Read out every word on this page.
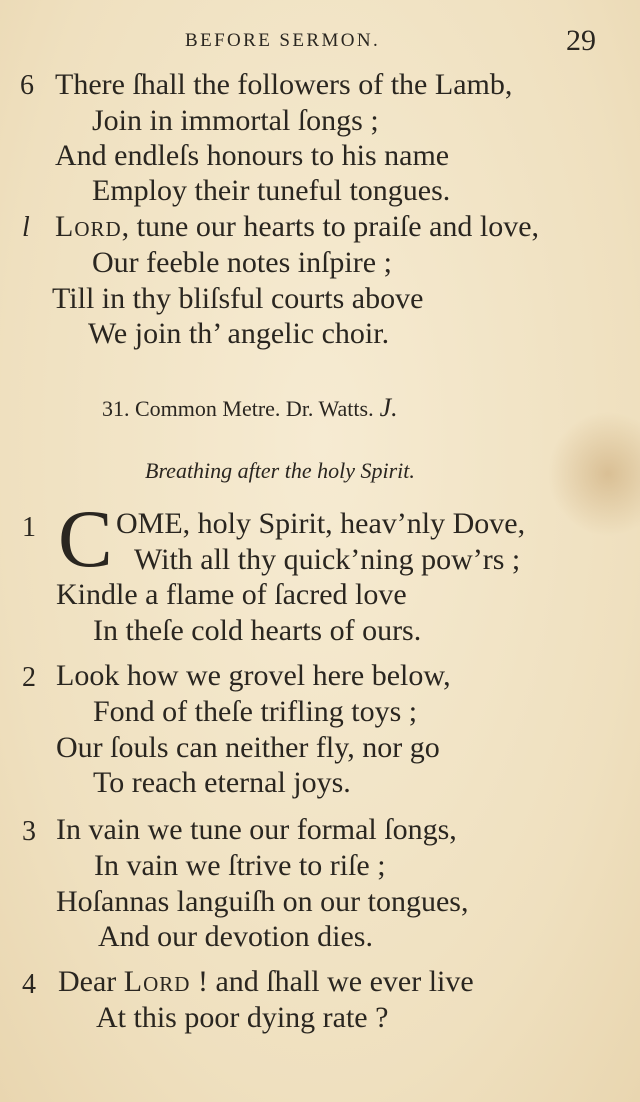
BEFORE SERMON.	29
6 There ſhall the followers of the Lamb,
Join in immortal ſongs ;
And endleſs honours to his name
Employ their tuneful tongues.
l Lord, tune our hearts to praiſe and love,
Our feeble notes inſpire ;
Till in thy bliſsful courts above
We join th’ angelic choir.
31. Common Metre. Dr. Watts. J.
Breathing after the holy Spirit.
1 C OME, holy Spirit, heav’nly Dove,
With all thy quick’ning pow’rs ;
Kindle a flame of ſacred love
In theſe cold hearts of ours.
2 Look how we grovel here below,
Fond of theſe trifling toys ;
Our ſouls can neither fly, nor go
To reach eternal joys.
3 In vain we tune our formal ſongs,
In vain we ſtrive to riſe ;
Hoſannas languiſh on our tongues,
And our devotion dies.
4 Dear Lord ! and ſhall we ever live
At this poor dying rate ?
